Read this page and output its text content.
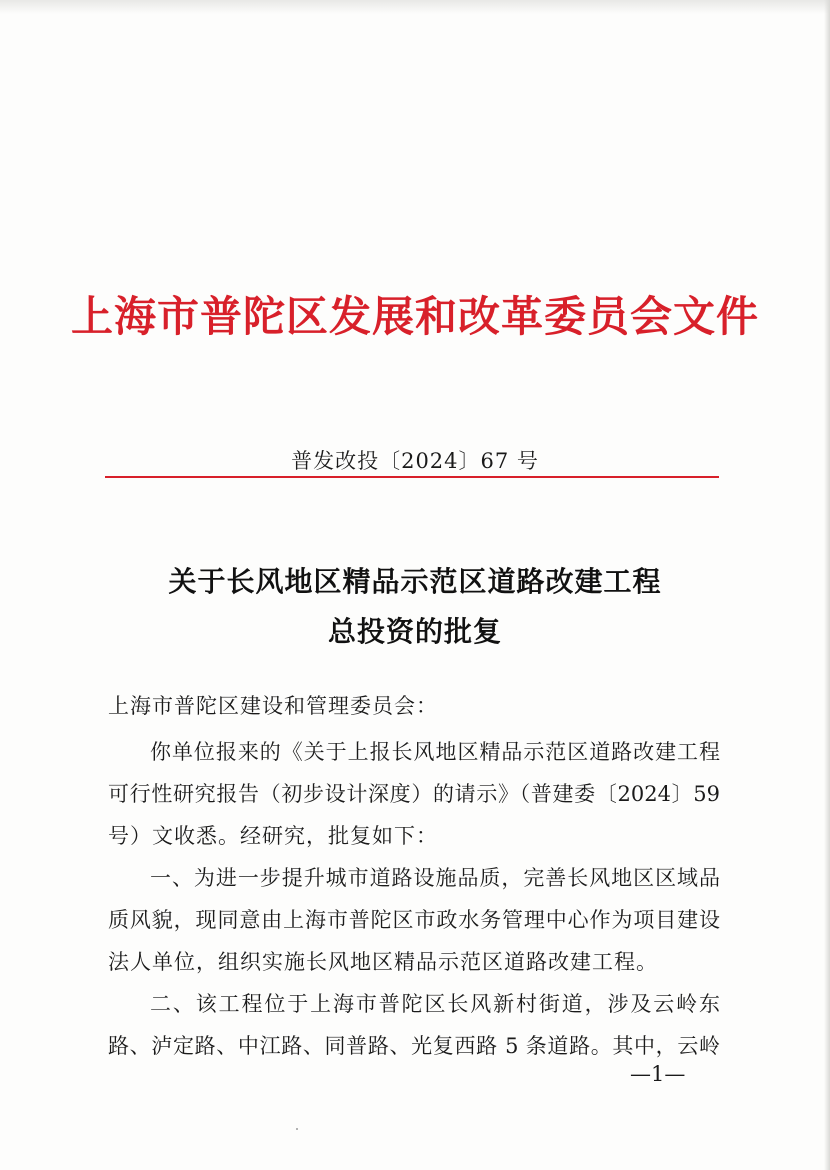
上海市普陀区发展和改革委员会文件
普发改投〔2024〕67 号
关于长风地区精品示范区道路改建工程
总投资的批复
上海市普陀区建设和管理委员会：
你单位报来的《关于上报长风地区精品示范区道路改建工程
可行性研究报告（初步设计深度）的请示》（普建委〔2024〕59
号）文收悉。经研究，批复如下：
一、为进一步提升城市道路设施品质，完善长风地区区域品
质风貌，现同意由上海市普陀区市政水务管理中心作为项目建设
法人单位，组织实施长风地区精品示范区道路改建工程。
二、该工程位于上海市普陀区长风新村街道，涉及云岭东
路、泸定路、中江路、同普路、光复西路 5 条道路。其中，云岭
—1—
